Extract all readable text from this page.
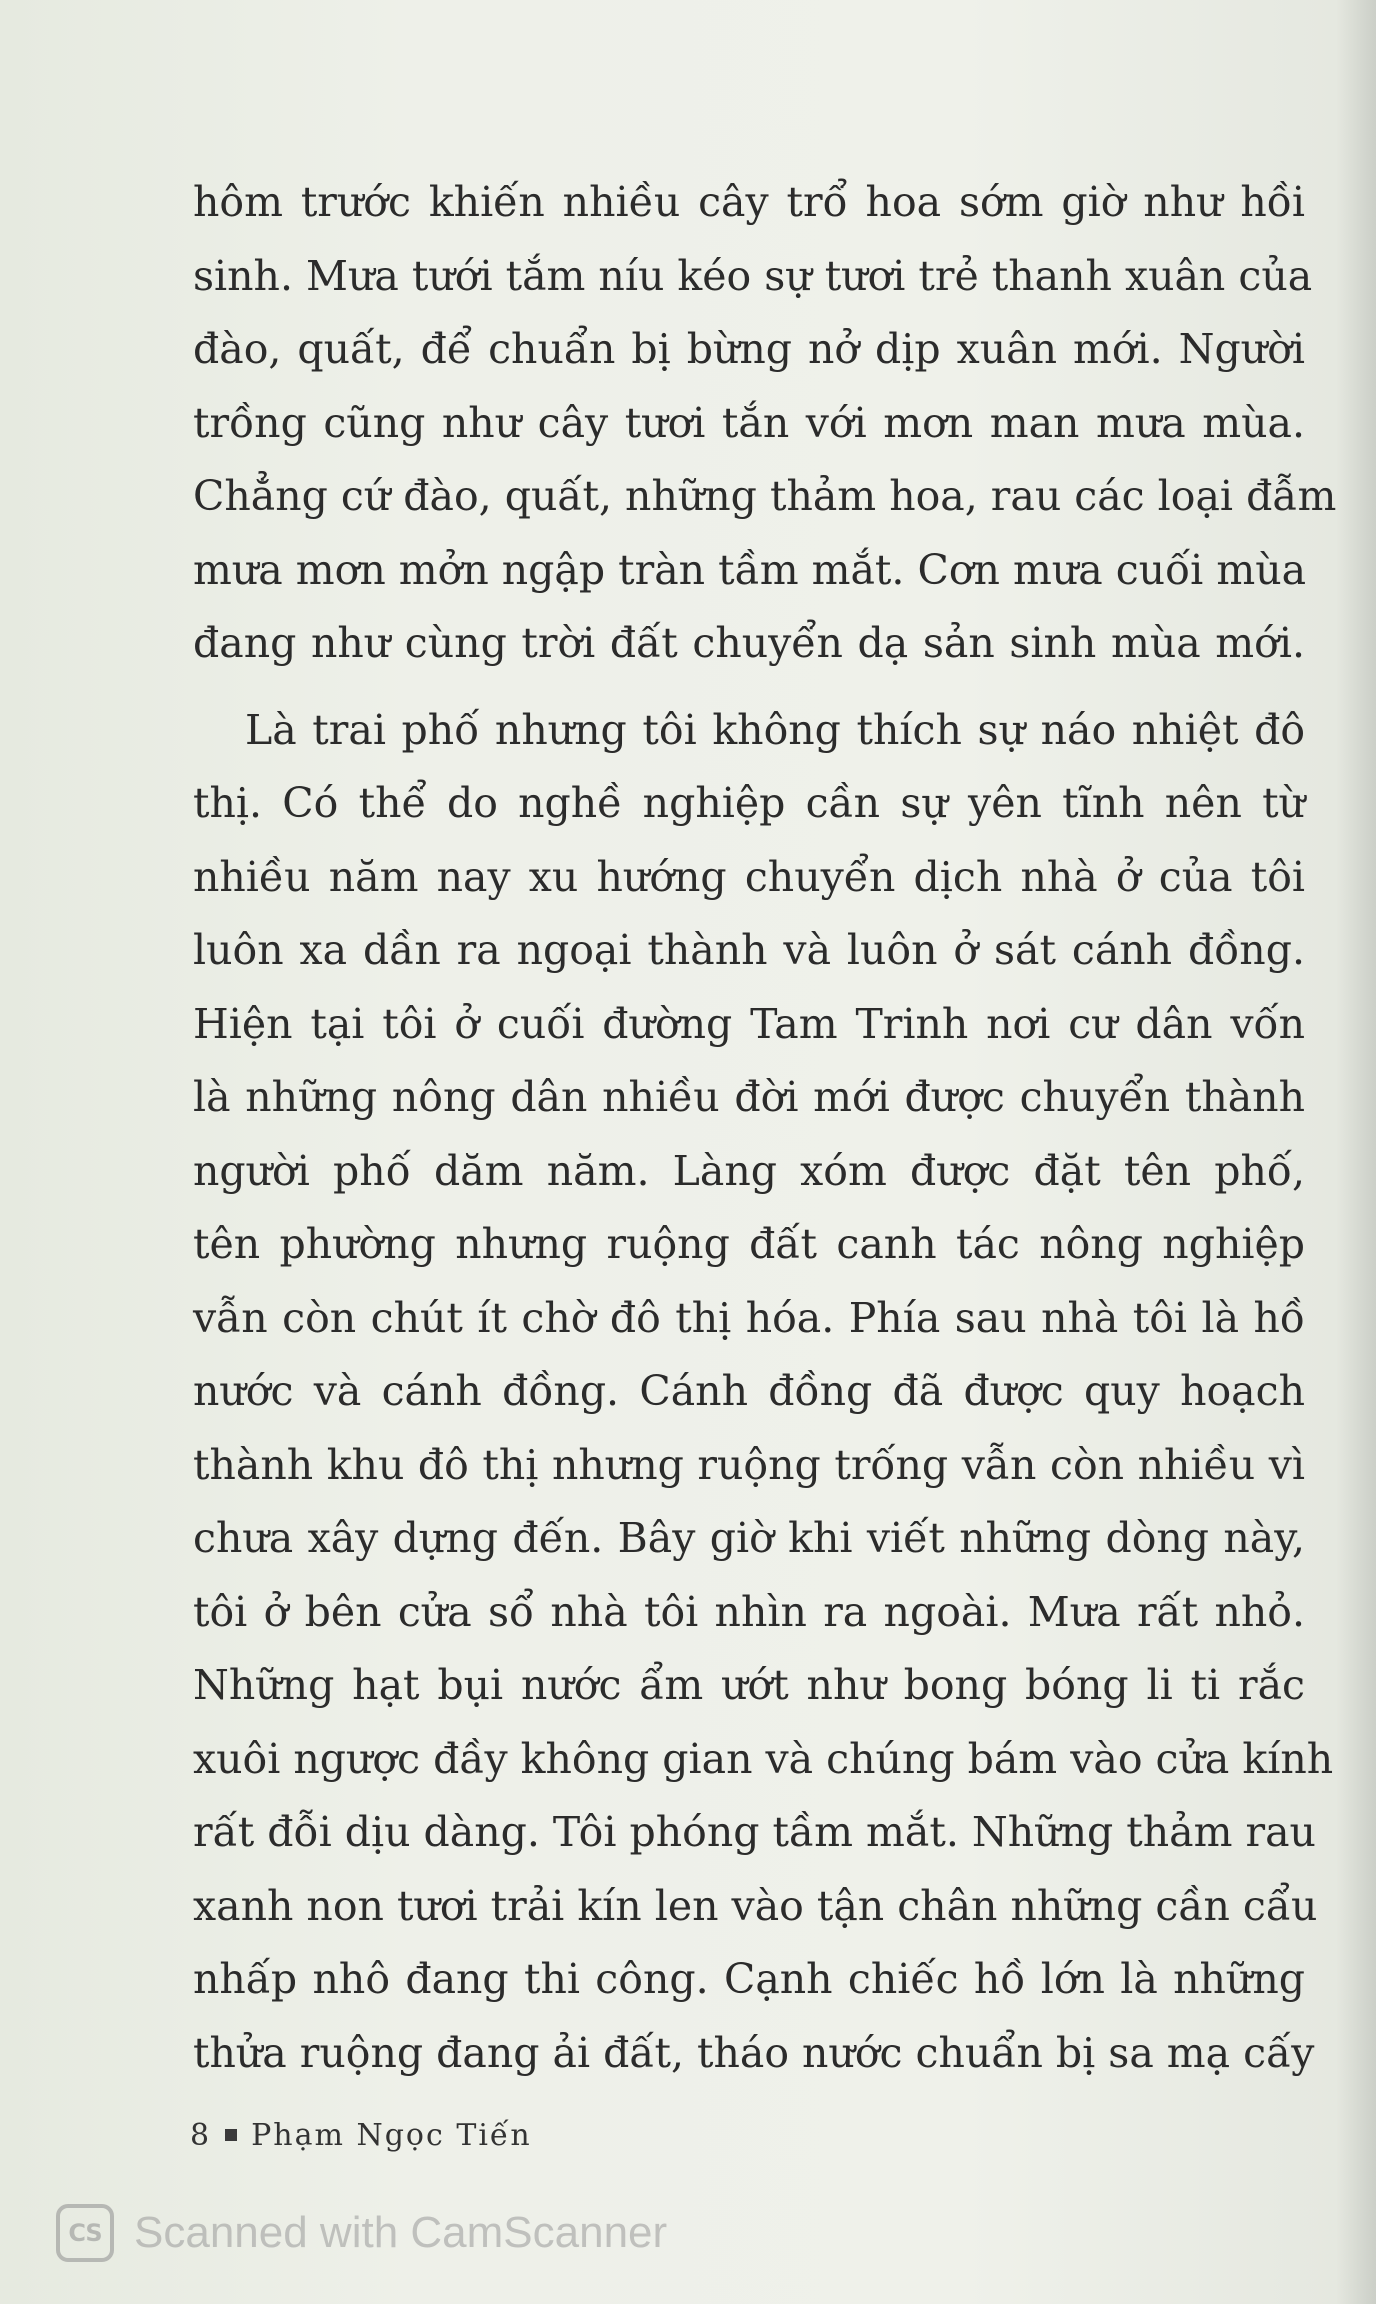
hôm trước khiến nhiều cây trổ hoa sớm giờ như hồi
sinh. Mưa tưới tắm níu kéo sự tươi trẻ thanh xuân của
đào, quất, để chuẩn bị bừng nở dịp xuân mới. Người
trồng cũng như cây tươi tắn với mơn man mưa mùa.
Chẳng cứ đào, quất, những thảm hoa, rau các loại đẫm
mưa mơn mởn ngập tràn tầm mắt. Cơn mưa cuối mùa
đang như cùng trời đất chuyển dạ sản sinh mùa mới.

Là trai phố nhưng tôi không thích sự náo nhiệt đô
thị. Có thể do nghề nghiệp cần sự yên tĩnh nên từ
nhiều năm nay xu hướng chuyển dịch nhà ở của tôi
luôn xa dần ra ngoại thành và luôn ở sát cánh đồng.
Hiện tại tôi ở cuối đường Tam Trinh nơi cư dân vốn
là những nông dân nhiều đời mới được chuyển thành
người phố dăm năm. Làng xóm được đặt tên phố,
tên phường nhưng ruộng đất canh tác nông nghiệp
vẫn còn chút ít chờ đô thị hóa. Phía sau nhà tôi là hồ
nước và cánh đồng. Cánh đồng đã được quy hoạch
thành khu đô thị nhưng ruộng trống vẫn còn nhiều vì
chưa xây dựng đến. Bây giờ khi viết những dòng này,
tôi ở bên cửa sổ nhà tôi nhìn ra ngoài. Mưa rất nhỏ.
Những hạt bụi nước ẩm ướt như bong bóng li ti rắc
xuôi ngược đầy không gian và chúng bám vào cửa kính
rất đỗi dịu dàng. Tôi phóng tầm mắt. Những thảm rau
xanh non tươi trải kín len vào tận chân những cần cẩu
nhấp nhô đang thi công. Cạnh chiếc hồ lớn là những
thửa ruộng đang ải đất, tháo nước chuẩn bị sa mạ cấy

8 Phạm Ngọc Tiến
CS Scanned with CamScanner
